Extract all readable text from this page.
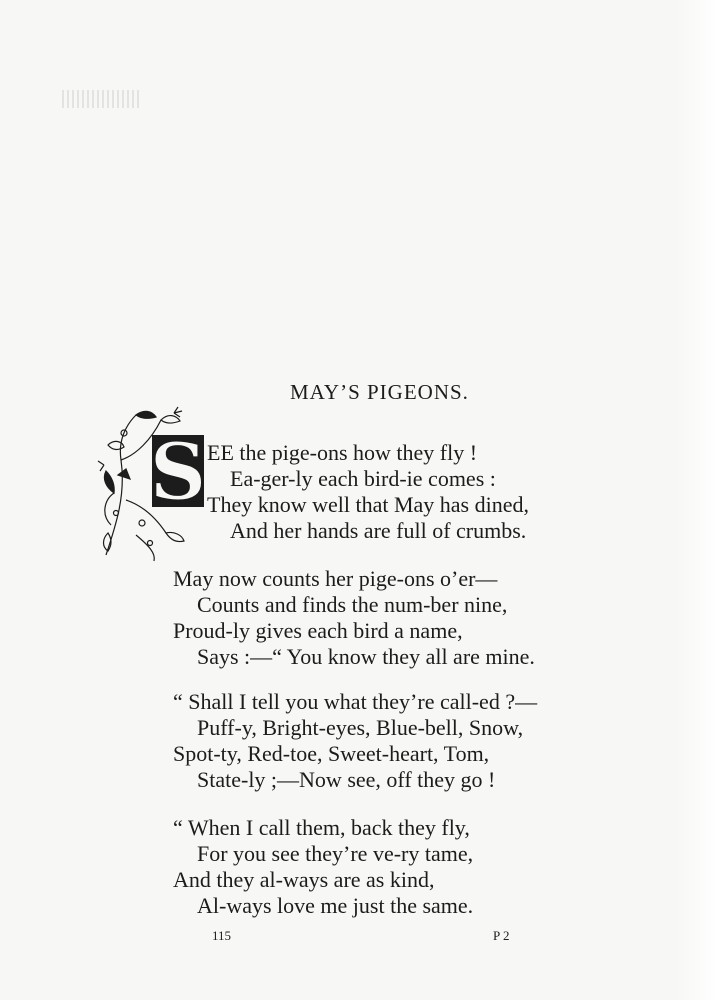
MAY’S PIGEONS.
S EE the pige-ons how they fly !
Ea-ger-ly each bird-ie comes :
They know well that May has dined,
And her hands are full of crumbs.
May now counts her pige-ons o’er—
Counts and finds the num-ber nine,
Proud-ly gives each bird a name,
Says :—“ You know they all are mine.
“ Shall I tell you what they’re call-ed ?—
Puff-y, Bright-eyes, Blue-bell, Snow,
Spot-ty, Red-toe, Sweet-heart, Tom,
State-ly ;—Now see, off they go !
“ When I call them, back they fly,
For you see they’re ve-ry tame,
And they al-ways are as kind,
Al-ways love me just the same.
115	P 2
